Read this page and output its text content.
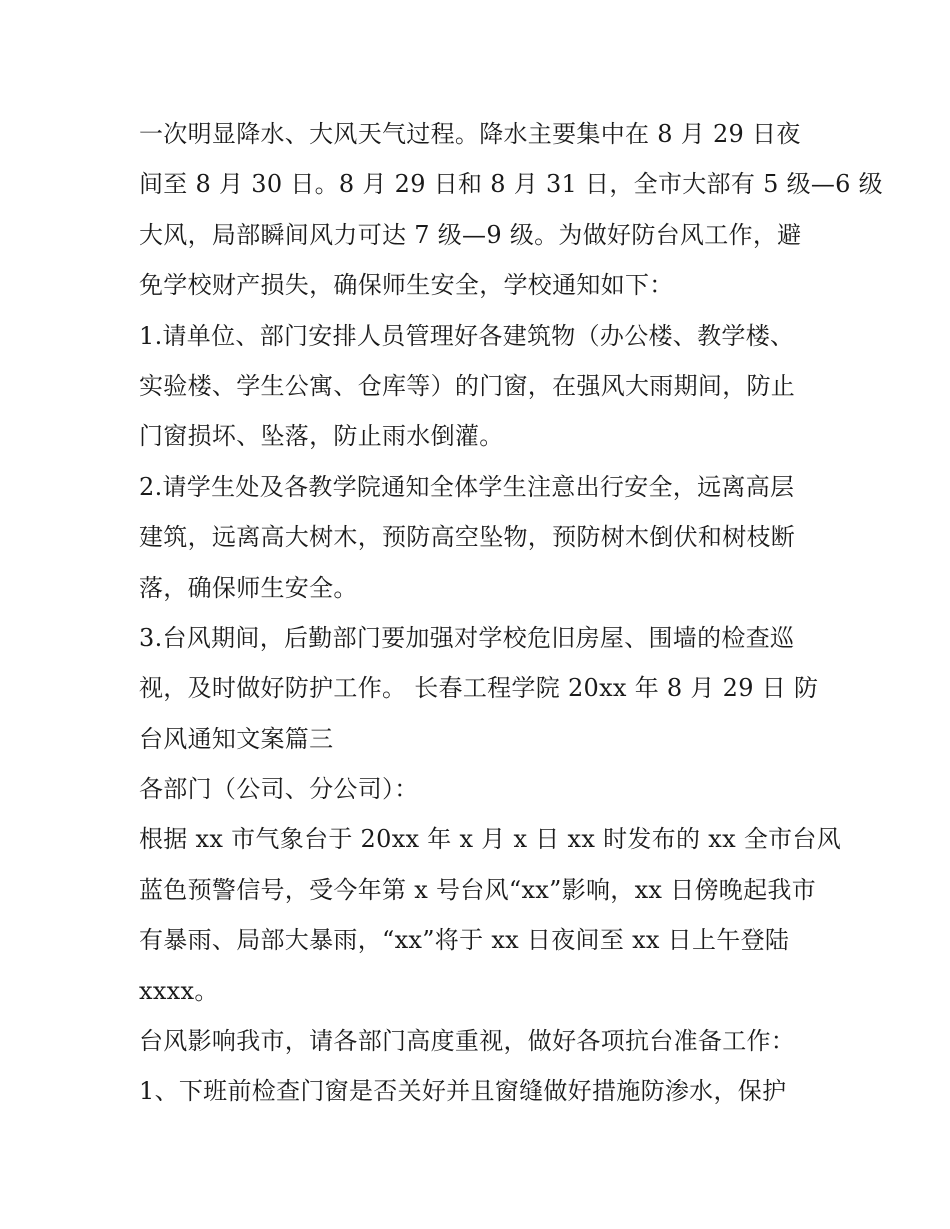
一次明显降水、大风天气过程。降水主要集中在 8 月 29 日夜
间至 8 月 30 日。8 月 29 日和 8 月 31 日，全市大部有 5 级—6 级
大风，局部瞬间风力可达 7 级—9 级。为做好防台风工作，避
免学校财产损失，确保师生安全，学校通知如下：
1.请单位、部门安排人员管理好各建筑物（办公楼、教学楼、
实验楼、学生公寓、仓库等）的门窗，在强风大雨期间，防止
门窗损坏、坠落，防止雨水倒灌。
2.请学生处及各教学院通知全体学生注意出行安全，远离高层
建筑，远离高大树木，预防高空坠物，预防树木倒伏和树枝断
落，确保师生安全。
3.台风期间，后勤部门要加强对学校危旧房屋、围墙的检查巡
视，及时做好防护工作。 长春工程学院 20xx 年 8 月 29 日 防
台风通知文案篇三
各部门（公司、分公司）：
根据 xx 市气象台于 20xx 年 x 月 x 日 xx 时发布的 xx 全市台风
蓝色预警信号，受今年第 x 号台风“xx”影响，xx 日傍晚起我市
有暴雨、局部大暴雨，“xx”将于 xx 日夜间至 xx 日上午登陆
xxxx。
台风影响我市，请各部门高度重视，做好各项抗台准备工作：
1、下班前检查门窗是否关好并且窗缝做好措施防渗水，保护
